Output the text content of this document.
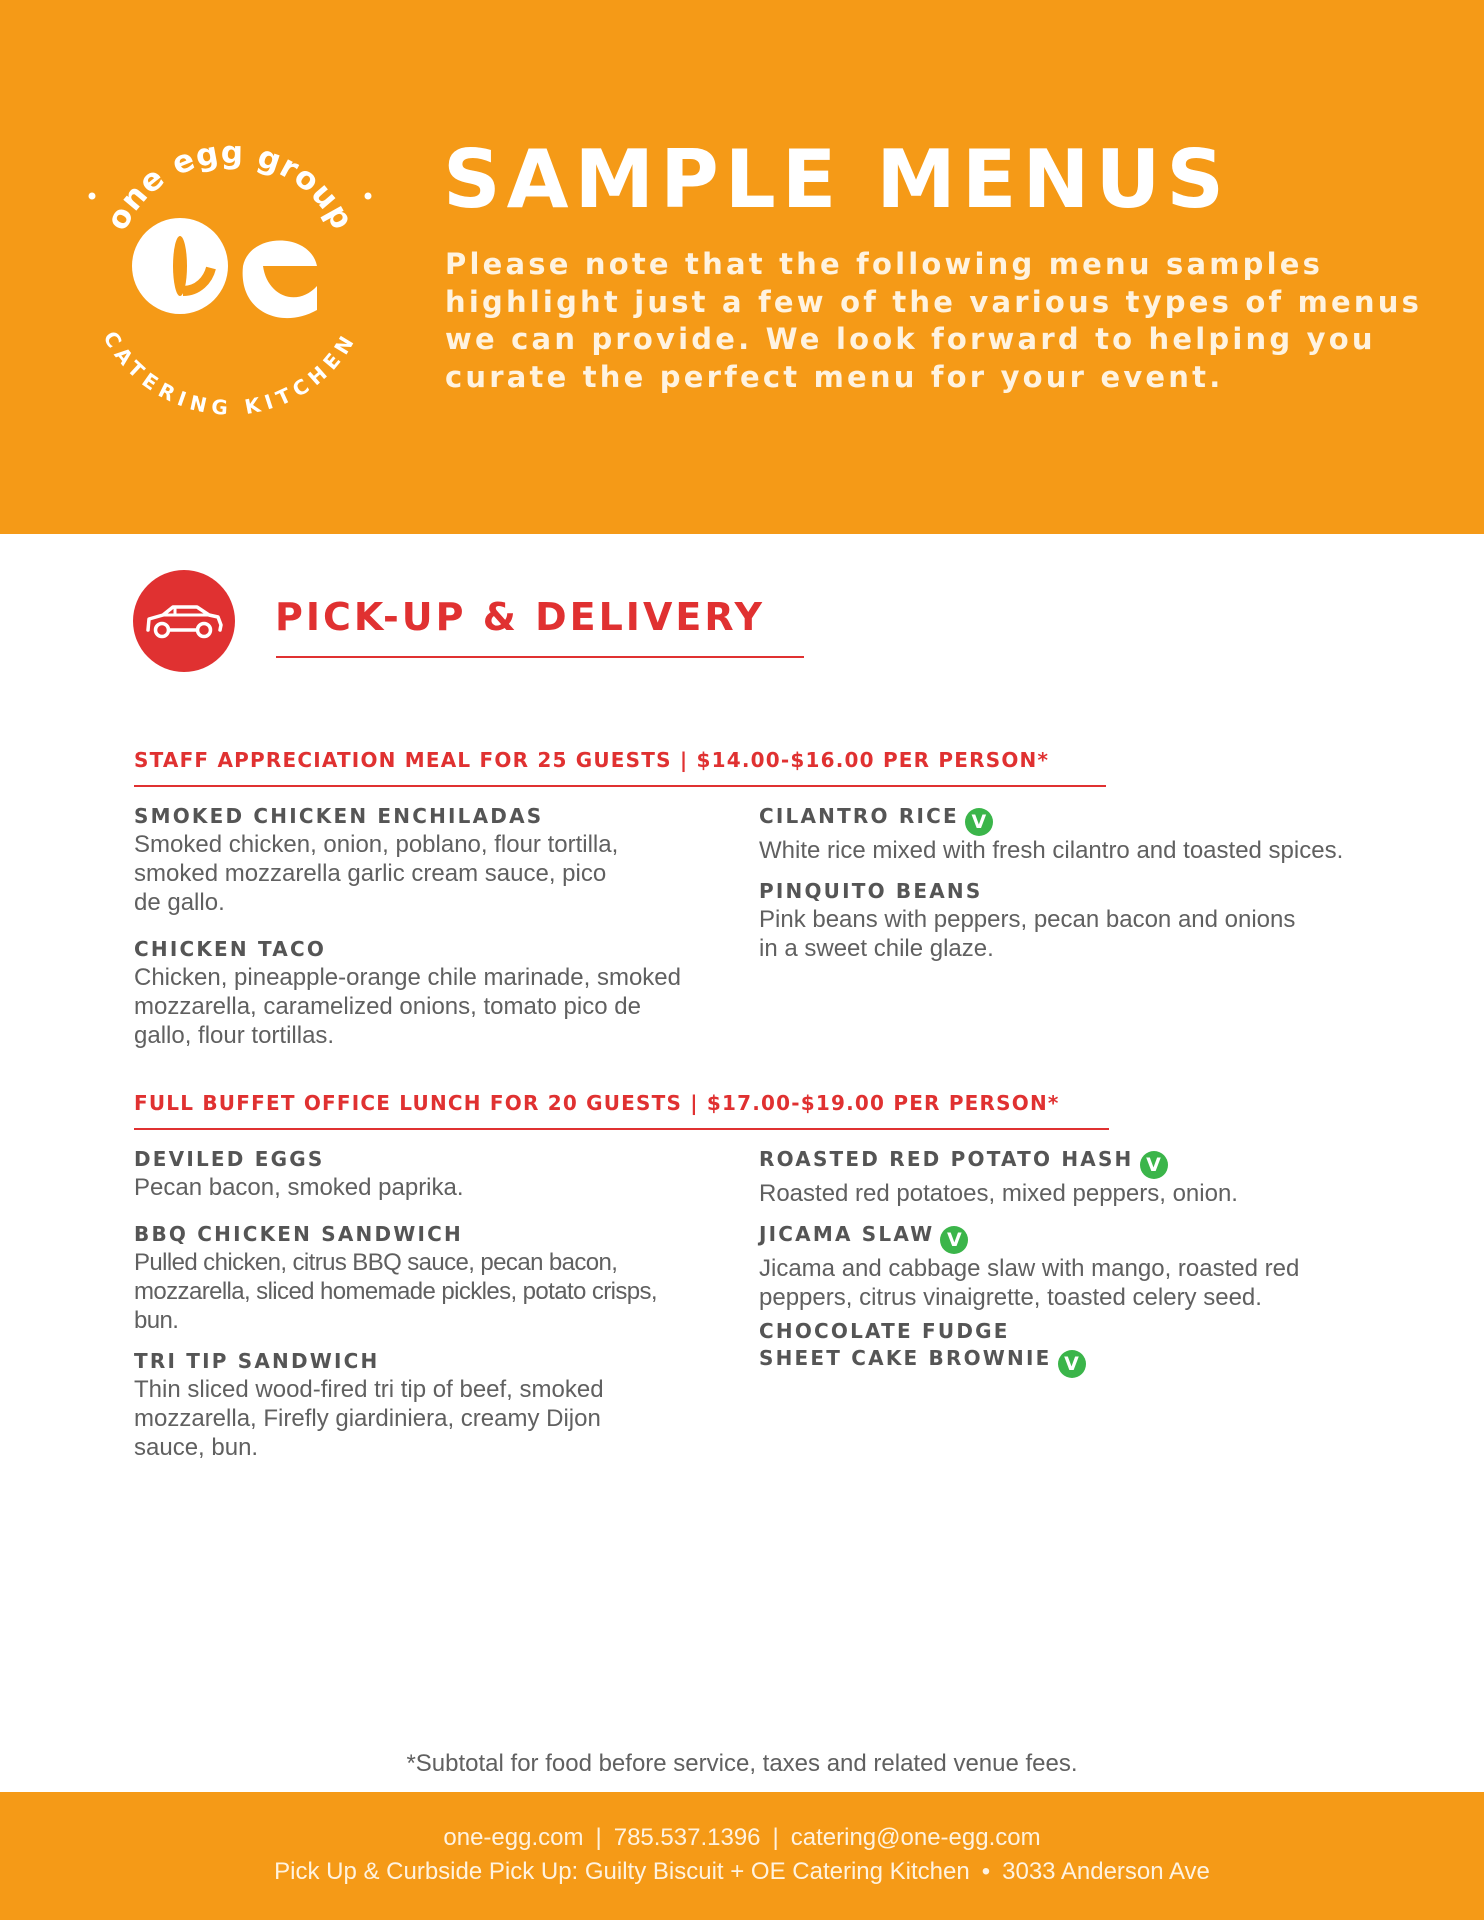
one egg group
CATERING KITCHEN
SAMPLE MENUS
Please note that the following menu samples
highlight just a few of the various types of menus
we can provide. We look forward to helping you
curate the perfect menu for your event.
PICK-UP & DELIVERY
STAFF APPRECIATION MEAL FOR 25 GUESTS | $14.00-$16.00 PER PERSON*
SMOKED CHICKEN ENCHILADAS
Smoked chicken, onion, poblano, flour tortilla,
smoked mozzarella garlic cream sauce, pico
de gallo.
CHICKEN TACO
Chicken, pineapple-orange chile marinade, smoked
mozzarella, caramelized onions, tomato pico de
gallo, flour tortillas.
CILANTRO RICE V
White rice mixed with fresh cilantro and toasted spices.
PINQUITO BEANS
Pink beans with peppers, pecan bacon and onions
in a sweet chile glaze.
FULL BUFFET OFFICE LUNCH FOR 20 GUESTS | $17.00-$19.00 PER PERSON*
DEVILED EGGS
Pecan bacon, smoked paprika.
BBQ CHICKEN SANDWICH
Pulled chicken, citrus BBQ sauce, pecan bacon,
mozzarella, sliced homemade pickles, potato crisps,
bun.
TRI TIP SANDWICH
Thin sliced wood-fired tri tip of beef, smoked
mozzarella, Firefly giardiniera, creamy Dijon
sauce, bun.
ROASTED RED POTATO HASH V
Roasted red potatoes, mixed peppers, onion.
JICAMA SLAW V
Jicama and cabbage slaw with mango, roasted red
peppers, citrus vinaigrette, toasted celery seed.
CHOCOLATE FUDGE
SHEET CAKE BROWNIE V
*Subtotal for food before service, taxes and related venue fees.
one-egg.com | 785.537.1396 | catering@one-egg.com
Pick Up & Curbside Pick Up: Guilty Biscuit + OE Catering Kitchen • 3033 Anderson Ave
